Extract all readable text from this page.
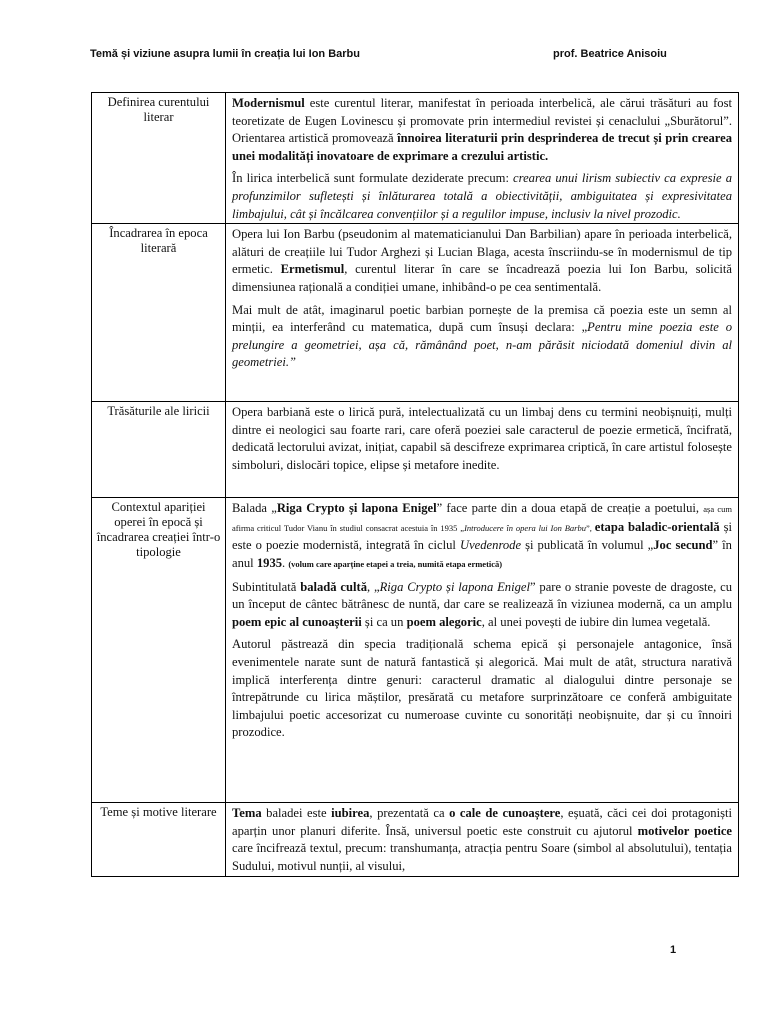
Temă și viziune asupra lumii în creația lui Ion Barbu	prof. Beatrice Anisoiu
Definirea curentului literar	Modernismul este curentul literar, manifestat în perioada interbelică, ale cărui trăsături au fost teoretizate de Eugen Lovinescu și promovate prin intermediul revistei și cenaclului „Sburătorul”. Orientarea artistică promovează înnoirea literaturii prin desprinderea de trecut și prin crearea unei modalități inovatoare de exprimare a crezului artistic.

În lirica interbelică sunt formulate deziderate precum: crearea unui lirism subiectiv ca expresie a profunzimilor sufletești și înlăturarea totală a obiectivității, ambiguitatea și expresivitatea limbajului, cât și încălcarea convențiilor și a regulilor impuse, inclusiv la nivel prozodic.

Încadrarea în epoca literară	Opera lui Ion Barbu (pseudonim al matematicianului Dan Barbilian) apare în perioada interbelică, alături de creațiile lui Tudor Arghezi și Lucian Blaga, acesta înscriindu-se în modernismul de tip ermetic. Ermetismul, curentul literar în care se încadrează poezia lui Ion Barbu, solicită dimensiunea rațională a condiției umane, inhibând-o pe cea sentimentală.

Mai mult de atât, imaginarul poetic barbian pornește de la premisa că poezia este un semn al minții, ea interferând cu matematica, după cum însuși declara: „Pentru mine poezia este o prelungire a geometriei, așa că, rămânând poet, n-am părăsit niciodată domeniul divin al geometriei.”

Trăsăturile ale liricii	Opera barbiană este o lirică pură, intelectualizată cu un limbaj dens cu termini neobișnuiți, mulți dintre ei neologici sau foarte rari, care oferă poeziei sale caracterul de poezie ermetică, încifrată, dedicată lectorului avizat, inițiat, capabil să descifreze exprimarea criptică, în care artistul folosește simboluri, dislocări topice, elipse și metafore inedite.

Contextul apariției operei în epocă și încadrarea creației într-o tipologie	Balada „Riga Crypto și lapona Enigel” face parte din a doua etapă de creație a poetului, așa cum afirma criticul Tudor Vianu în studiul consacrat acestuia în 1935 „Introducere în opera lui Ion Barbu”, etapa baladic-orientală și este o poezie modernistă, integrată în ciclul Uvedenrode și publicată în volumul „Joc secund” în anul 1935. (volum care aparține etapei a treia, numită etapa ermetică)

Subintitulată baladă cultă, „Riga Crypto și lapona Enigel” pare o stranie poveste de dragoste, cu un început de cântec bătrânesc de nuntă, dar care se realizează în viziunea modernă, ca un amplu poem epic al cunoașterii și ca un poem alegoric, al unei povești de iubire din lumea vegetală.

Autorul păstrează din specia tradițională schema epică și personajele antagonice, însă evenimentele narate sunt de natură fantastică și alegorică. Mai mult de atât, structura narativă implică interferența dintre genuri: caracterul dramatic al dialogului dintre personaje se întrepătrunde cu lirica măștilor, presărată cu metafore surprinzătoare ce conferă ambiguitate limbajului poetic accesorizat cu numeroase cuvinte cu sonorități neobișnuite, dar și cu înnoiri prozodice.

Teme și motive literare	Tema baladei este iubirea, prezentată ca o cale de cunoaștere, eșuată, căci cei doi protagoniști aparțin unor planuri diferite. Însă, universul poetic este construit cu ajutorul motivelor poetice care încifrează textul, precum: transhumanța, atracția pentru Soare (simbol al absolutului), tentația Sudului, motivul nunții, al visului,

1
